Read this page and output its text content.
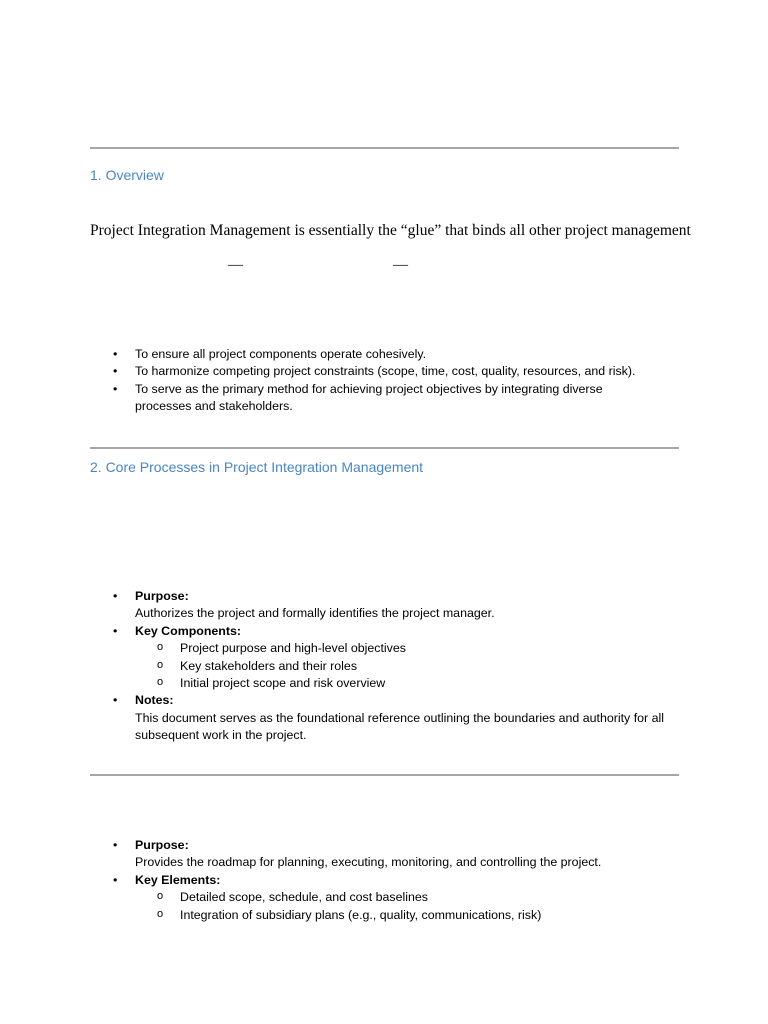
1. Overview

Project Integration Management is essentially the “glue” that binds all other project management

—	—
• To ensure all project components operate cohesively.
• To harmonize competing project constraints (scope, time, cost, quality, resources, and risk).
• To serve as the primary method for achieving project objectives by integrating diverse processes and stakeholders.
2. Core Processes in Project Integration Management
• Purpose:
Authorizes the project and formally identifies the project manager.
• Key Components:
o Project purpose and high-level objectives
o Key stakeholders and their roles
o Initial project scope and risk overview
• Notes:
This document serves as the foundational reference outlining the boundaries and authority for all subsequent work in the project.
• Purpose:
Provides the roadmap for planning, executing, monitoring, and controlling the project.
• Key Elements:
o Detailed scope, schedule, and cost baselines
o Integration of subsidiary plans (e.g., quality, communications, risk)
